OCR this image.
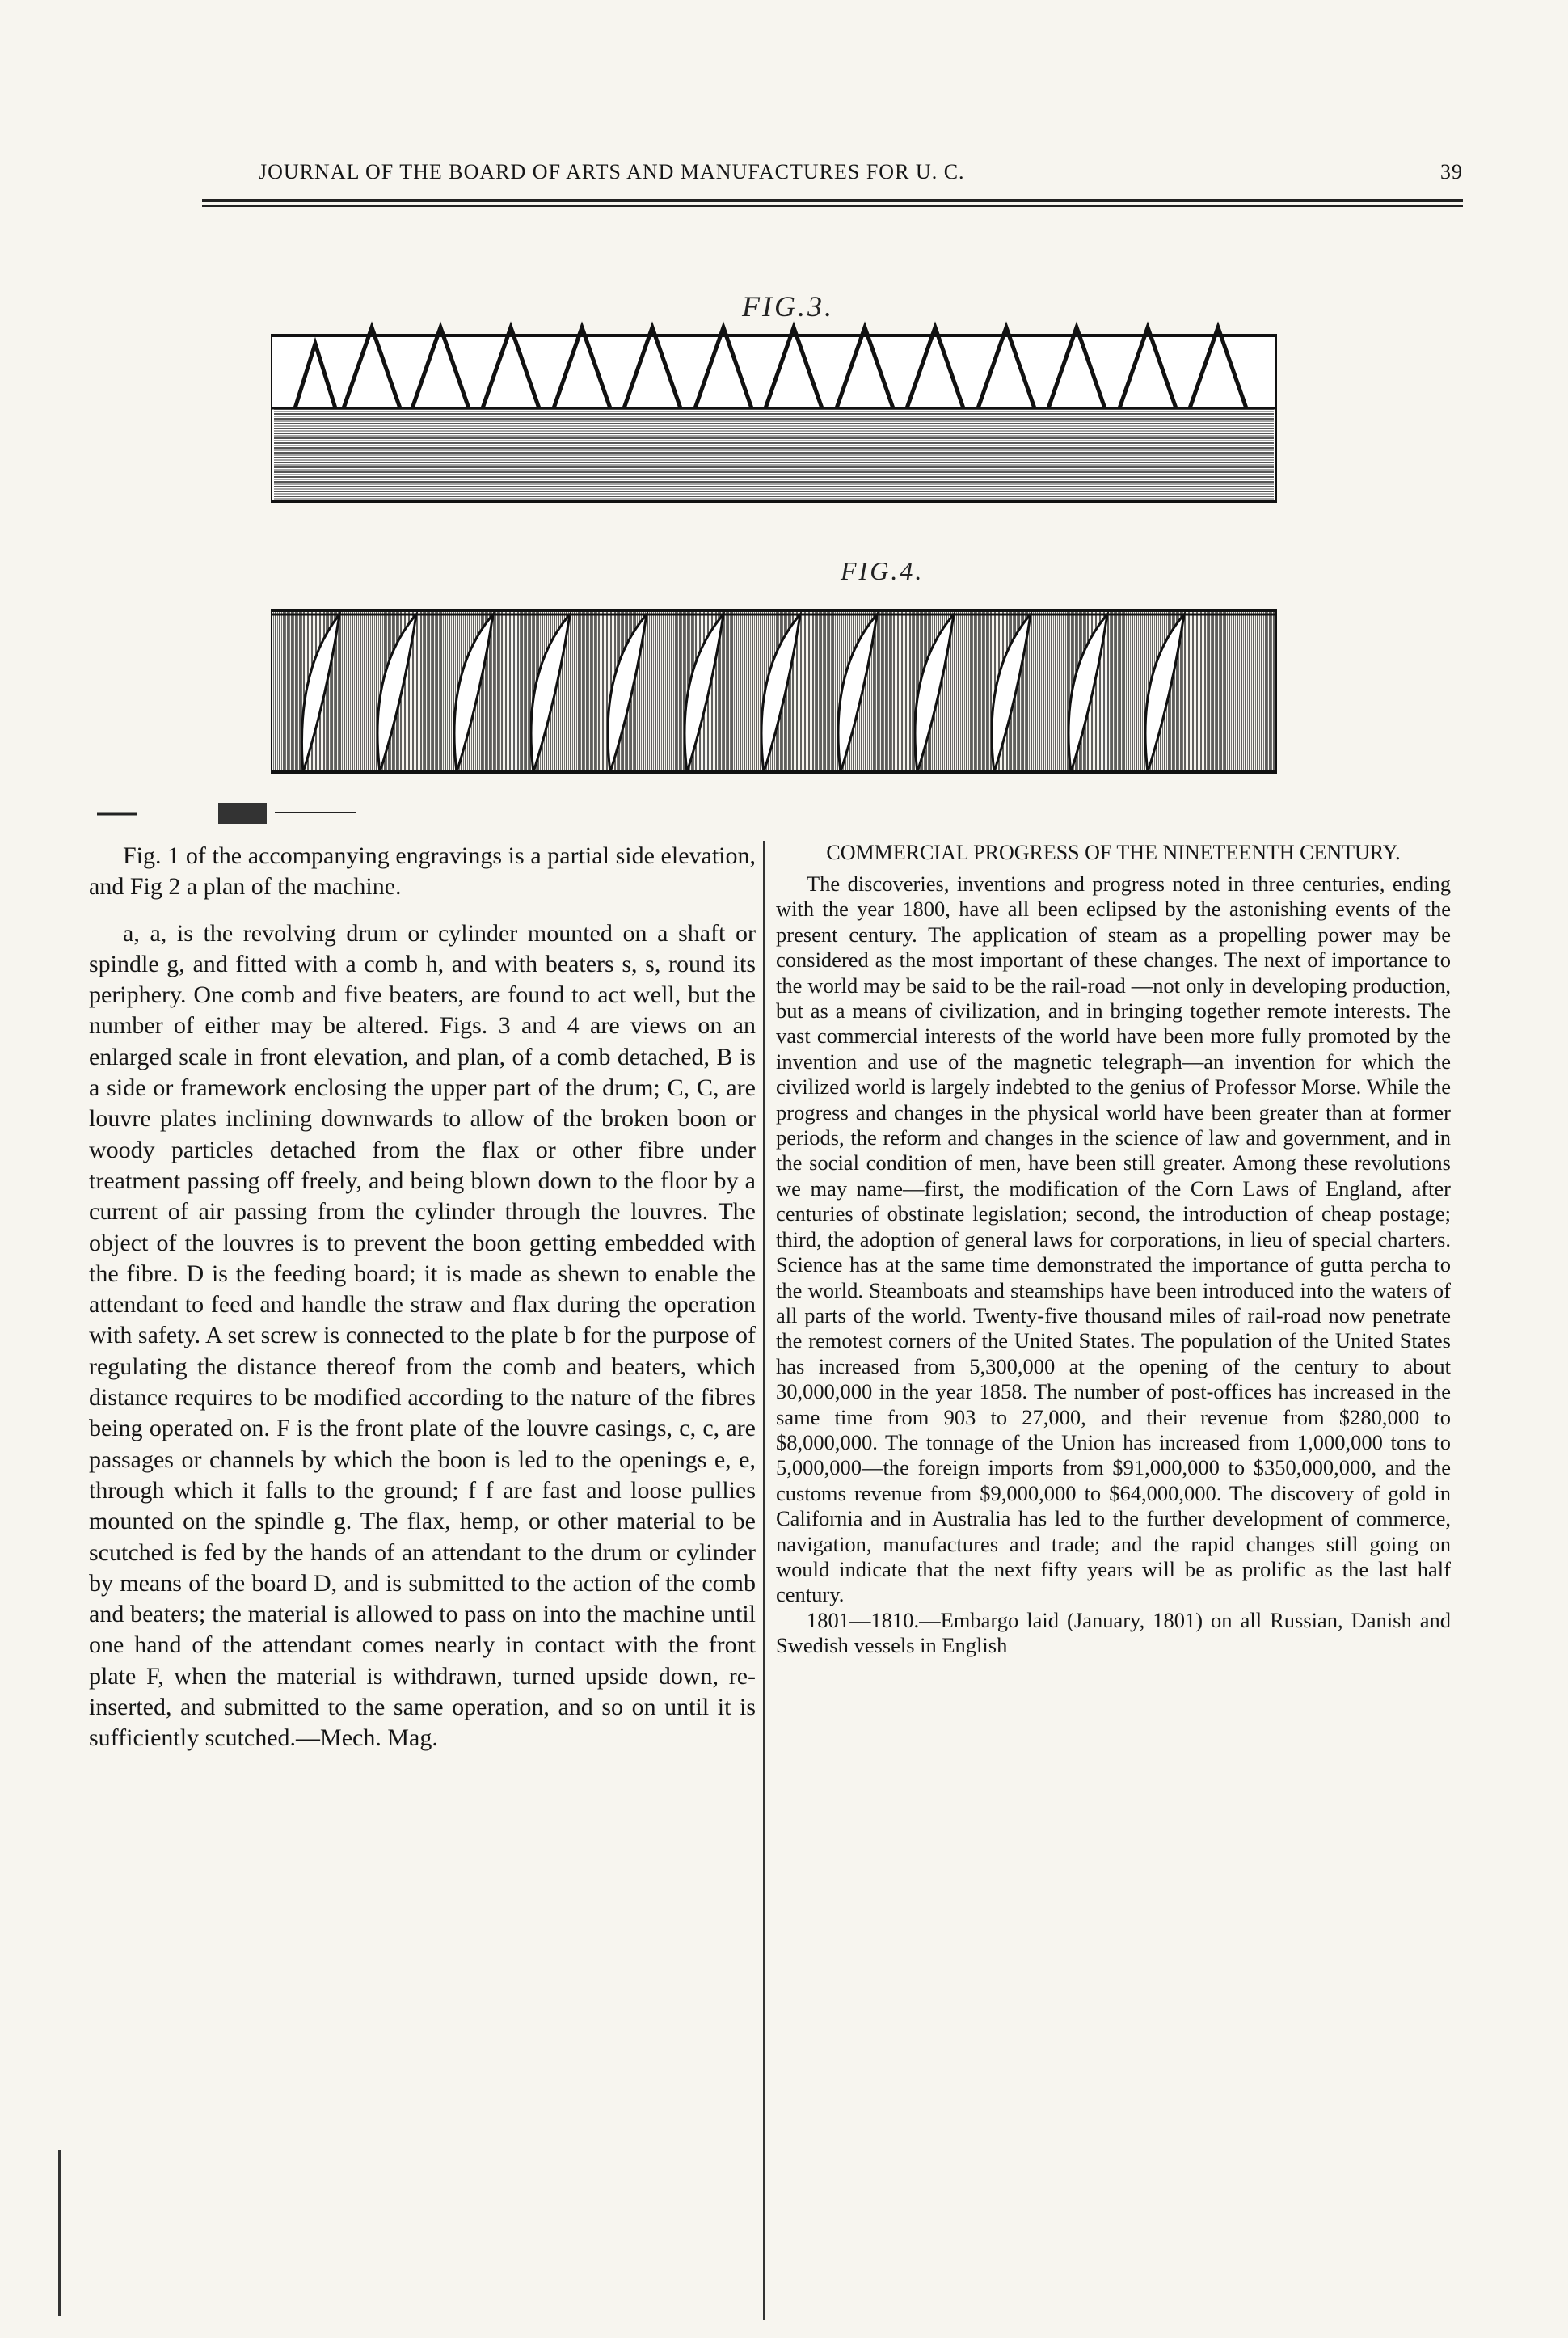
JOURNAL OF THE BOARD OF ARTS AND MANUFACTURES FOR U. C.	39
FIG.3.
FIG.4.

Fig. 1 of the accompanying engravings is a partial side elevation, and Fig 2 a plan of the machine.

a, a, is the revolving drum or cylinder mounted on a shaft or spindle g, and fitted with a comb h, and with beaters s, s, round its periphery. One comb and five beaters, are found to act well, but the number of either may be altered. Figs. 3 and 4 are views on an enlarged scale in front elevation, and plan, of a comb detached, B is a side or framework enclosing the upper part of the drum; C, C, are louvre plates inclining downwards to allow of the broken boon or woody particles detached from the flax or other fibre under treatment passing off freely, and being blown down to the floor by a current of air passing from the cylinder through the louvres. The object of the louvres is to prevent the boon getting embedded with the fibre. D is the feeding board; it is made as shewn to enable the attendant to feed and handle the straw and flax during the operation with safety. A set screw is connected to the plate b for the purpose of regulating the distance thereof from the comb and beaters, which distance requires to be modified according to the nature of the fibres being operated on. F is the front plate of the louvre casings, c, c, are passages or channels by which the boon is led to the openings e, e, through which it falls to the ground; f f are fast and loose pullies mounted on the spindle g. The flax, hemp, or other material to be scutched is fed by the hands of an attendant to the drum or cylinder by means of the board D, and is submitted to the action of the comb and beaters; the material is allowed to pass on into the machine until one hand of the attendant comes nearly in contact with the front plate F, when the material is withdrawn, turned upside down, re-inserted, and submitted to the same operation, and so on until it is sufficiently scutched.—Mech. Mag.

COMMERCIAL PROGRESS OF THE NINETEENTH CENTURY.

The discoveries, inventions and progress noted in three centuries, ending with the year 1800, have all been eclipsed by the astonishing events of the present century. The application of steam as a propelling power may be considered as the most important of these changes. The next of importance to the world may be said to be the rail-road —not only in developing production, but as a means of civilization, and in bringing together remote interests. The vast commercial interests of the world have been more fully promoted by the invention and use of the magnetic telegraph—an invention for which the civilized world is largely indebted to the genius of Professor Morse. While the progress and changes in the physical world have been greater than at former periods, the reform and changes in the science of law and government, and in the social condition of men, have been still greater. Among these revolutions we may name—first, the modification of the Corn Laws of England, after centuries of obstinate legislation; second, the introduction of cheap postage; third, the adoption of general laws for corporations, in lieu of special charters. Science has at the same time demonstrated the importance of gutta percha to the world. Steamboats and steamships have been introduced into the waters of all parts of the world. Twenty-five thousand miles of rail-road now penetrate the remotest corners of the United States. The population of the United States has increased from 5,300,000 at the opening of the century to about 30,000,000 in the year 1858. The number of post-offices has increased in the same time from 903 to 27,000, and their revenue from $280,000 to $8,000,000. The tonnage of the Union has increased from 1,000,000 tons to 5,000,000—the foreign imports from $91,000,000 to $350,000,000, and the customs revenue from $9,000,000 to $64,000,000. The discovery of gold in California and in Australia has led to the further development of commerce, navigation, manufactures and trade; and the rapid changes still going on would indicate that the next fifty years will be as prolific as the last half century.

1801—1810.—Embargo laid (January, 1801) on all Russian, Danish and Swedish vessels in English
